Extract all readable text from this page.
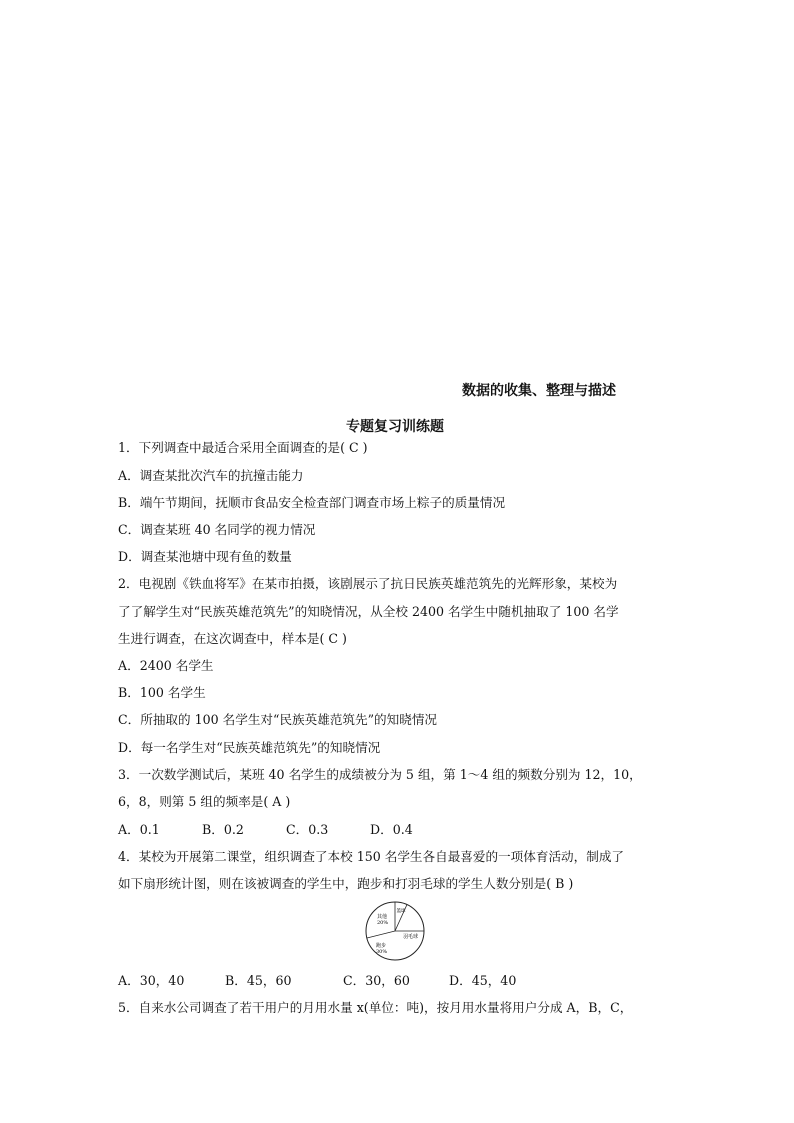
数据的收集、整理与描述
专题复习训练题
1．下列调查中最适合采用全面调查的是( C )
A．调查某批次汽车的抗撞击能力
B．端午节期间，抚顺市食品安全检查部门调查市场上粽子的质量情况
C．调查某班 40 名同学的视力情况
D．调查某池塘中现有鱼的数量
2．电视剧《铁血将军》在某市拍摄，该剧展示了抗日民族英雄范筑先的光辉形象，某校为
了了解学生对“民族英雄范筑先”的知晓情况，从全校 2400 名学生中随机抽取了 100 名学
生进行调查，在这次调查中，样本是( C )
A．2400 名学生
B．100 名学生
C．所抽取的 100 名学生对“民族英雄范筑先”的知晓情况
D．每一名学生对“民族英雄范筑先”的知晓情况
3．一次数学测试后，某班 40 名学生的成绩被分为 5 组，第 1～4 组的频数分别为 12，10，
6，8，则第 5 组的频率是( A )
A．0.1	B．0.2	C．0.3	D．0.4
4．某校为开展第二课堂，组织调查了本校 150 名学生各自最喜爱的一项体育活动，制成了
如下扇形统计图，则在该被调查的学生中，跑步和打羽毛球的学生人数分别是( B )
其他
20%
篮球
羽毛球
跑步
30%
A．30，40	B．45，60	C．30，60	D．45，40
5．自来水公司调查了若干用户的月用水量 x(单位：吨)，按月用水量将用户分成 A，B，C，
